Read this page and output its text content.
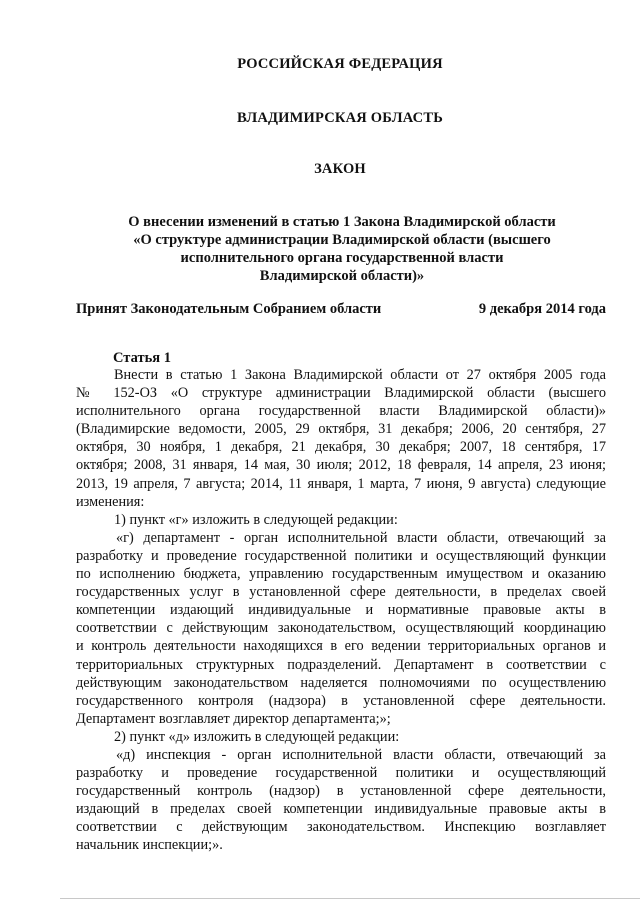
РОССИЙСКАЯ ФЕДЕРАЦИЯ
ВЛАДИМИРСКАЯ ОБЛАСТЬ
ЗАКОН
О внесении изменений в статью 1 Закона Владимирской области
«О структуре администрации Владимирской области (высшего
исполнительного органа государственной власти
Владимирской области)»
Принят Законодательным Собранием области	9 декабря 2014 года
Статья 1
Внести в статью 1 Закона Владимирской области от 27 октября 2005 года
№ 152-ОЗ «О структуре администрации Владимирской области (высшего
исполнительного органа государственной власти Владимирской области)»
(Владимирские ведомости, 2005, 29 октября, 31 декабря; 2006, 20 сентября, 27
октября, 30 ноября, 1 декабря, 21 декабря, 30 декабря; 2007, 18 сентября, 17
октября; 2008, 31 января, 14 мая, 30 июля; 2012, 18 февраля, 14 апреля, 23 июня;
2013, 19 апреля, 7 августа; 2014, 11 января, 1 марта, 7 июня, 9 августа) следующие
изменения:
1) пункт «г» изложить в следующей редакции:
«г) департамент - орган исполнительной власти области, отвечающий за
разработку и проведение государственной политики и осуществляющий функции
по исполнению бюджета, управлению государственным имуществом и оказанию
государственных услуг в установленной сфере деятельности, в пределах своей
компетенции издающий индивидуальные и нормативные правовые акты в
соответствии с действующим законодательством, осуществляющий координацию
и контроль деятельности находящихся в его ведении территориальных органов и
территориальных структурных подразделений. Департамент в соответствии с
действующим законодательством наделяется полномочиями по осуществлению
государственного контроля (надзора) в установленной сфере деятельности.
Департамент возглавляет директор департамента;»;
2) пункт «д» изложить в следующей редакции:
«д) инспекция - орган исполнительной власти области, отвечающий за
разработку и проведение государственной политики и осуществляющий
государственный контроль (надзор) в установленной сфере деятельности,
издающий в пределах своей компетенции индивидуальные правовые акты в
соответствии с действующим законодательством. Инспекцию возглавляет
начальник инспекции;».
